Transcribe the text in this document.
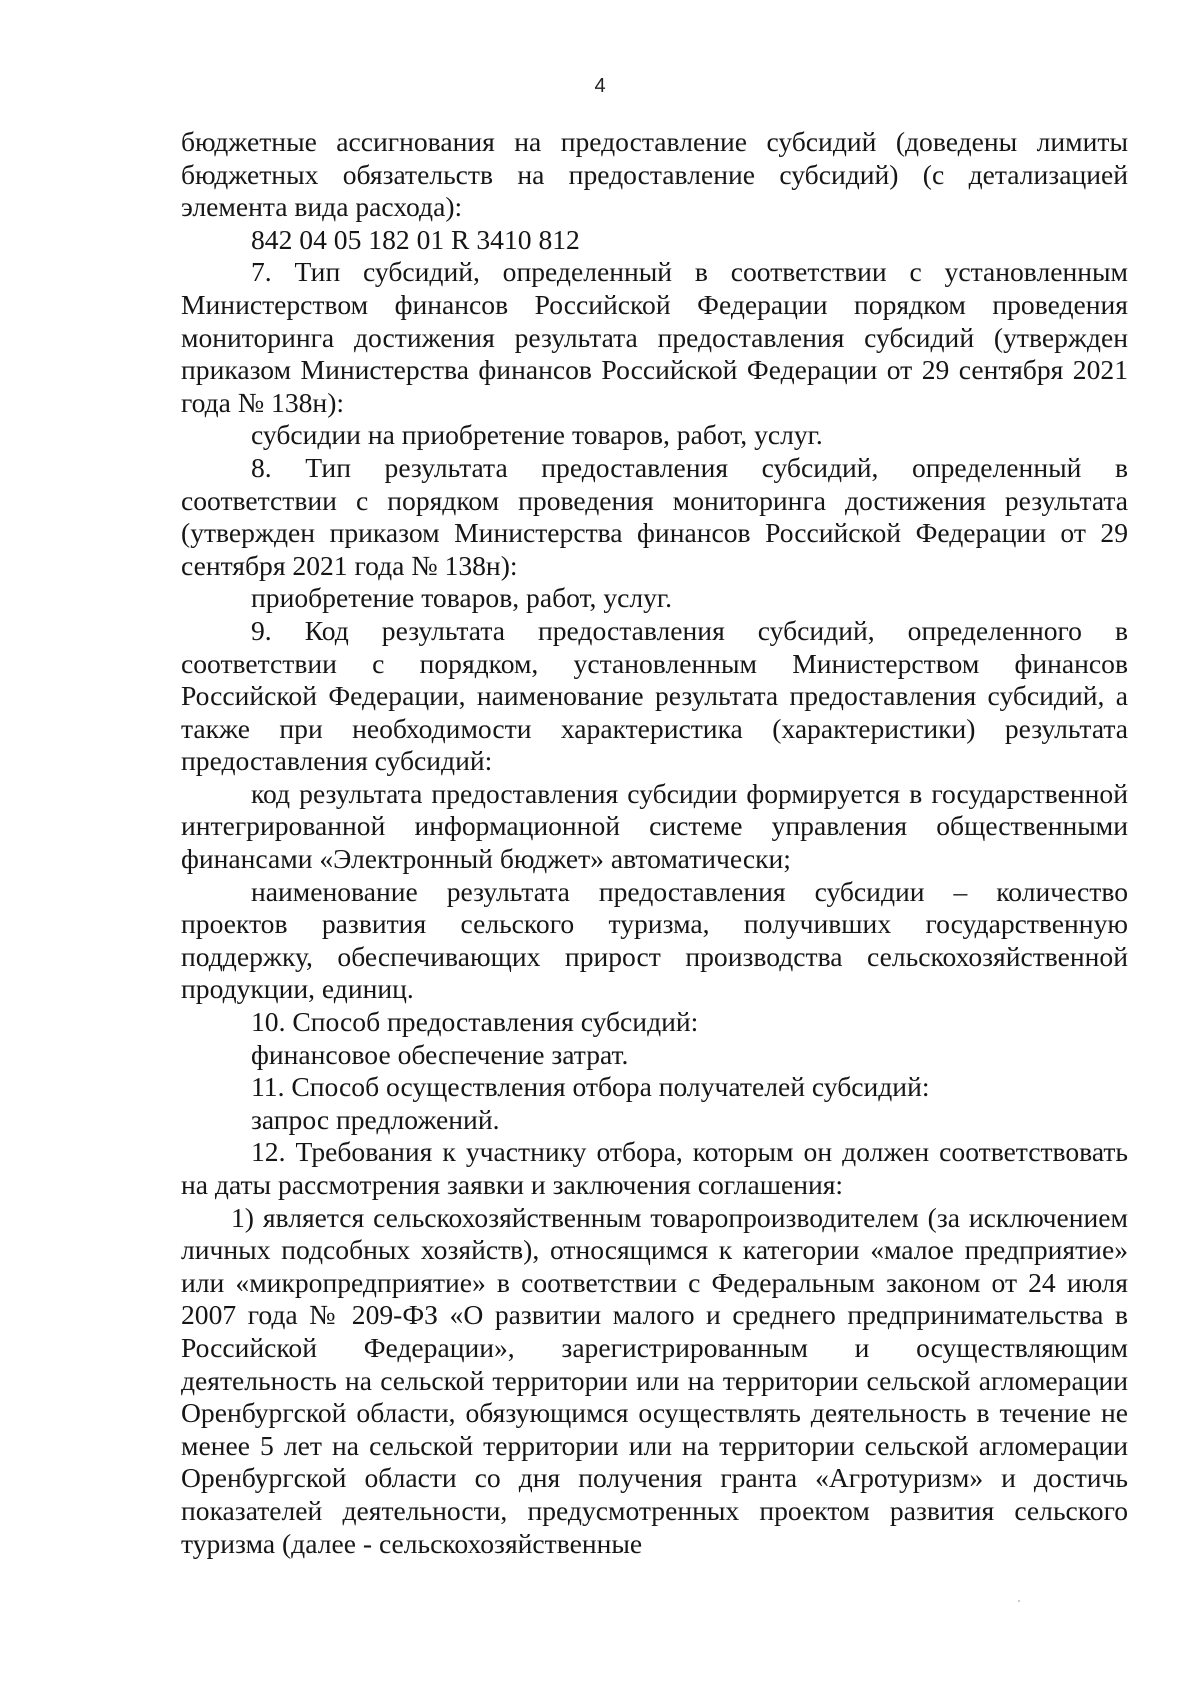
4

бюджетные ассигнования на предоставление субсидий (доведены лимиты бюджетных обязательств на предоставление субсидий) (с детализацией элемента вида расхода):

842 04 05 182 01 R 3410 812

7. Тип субсидий, определенный в соответствии с установленным Министерством финансов Российской Федерации порядком проведения мониторинга достижения результата предоставления субсидий (утвержден приказом Министерства финансов Российской Федерации от 29 сентября 2021 года № 138н):

субсидии на приобретение товаров, работ, услуг.

8. Тип результата предоставления субсидий, определенный в соответствии с порядком проведения мониторинга достижения результата (утвержден приказом Министерства финансов Российской Федерации от 29 сентября 2021 года № 138н):

приобретение товаров, работ, услуг.

9. Код результата предоставления субсидий, определенного в соответствии с порядком, установленным Министерством финансов Российской Федерации, наименование результата предоставления субсидий, а также при необходимости характеристика (характеристики) результата предоставления субсидий:

код результата предоставления субсидии формируется в государственной интегрированной информационной системе управления общественными финансами «Электронный бюджет» автоматически;

наименование результата предоставления субсидии – количество проектов развития сельского туризма, получивших государственную поддержку, обеспечивающих прирост производства сельскохозяйственной продукции, единиц.

10. Способ предоставления субсидий:

финансовое обеспечение затрат.

11. Способ осуществления отбора получателей субсидий:

запрос предложений.

12. Требования к участнику отбора, которым он должен соответствовать на даты рассмотрения заявки и заключения соглашения:

1) является сельскохозяйственным товаропроизводителем (за исключением личных подсобных хозяйств), относящимся к категории «малое предприятие» или «микропредприятие» в соответствии с Федеральным законом от 24 июля 2007 года № 209-ФЗ «О развитии малого и среднего предпринимательства в Российской Федерации», зарегистрированным и осуществляющим деятельность на сельской территории или на территории сельской агломерации Оренбургской области, обязующимся осуществлять деятельность в течение не менее 5 лет на сельской территории или на территории сельской агломерации Оренбургской области со дня получения гранта «Агротуризм» и достичь показателей деятельности, предусмотренных проектом развития сельского туризма (далее - сельскохозяйственные
